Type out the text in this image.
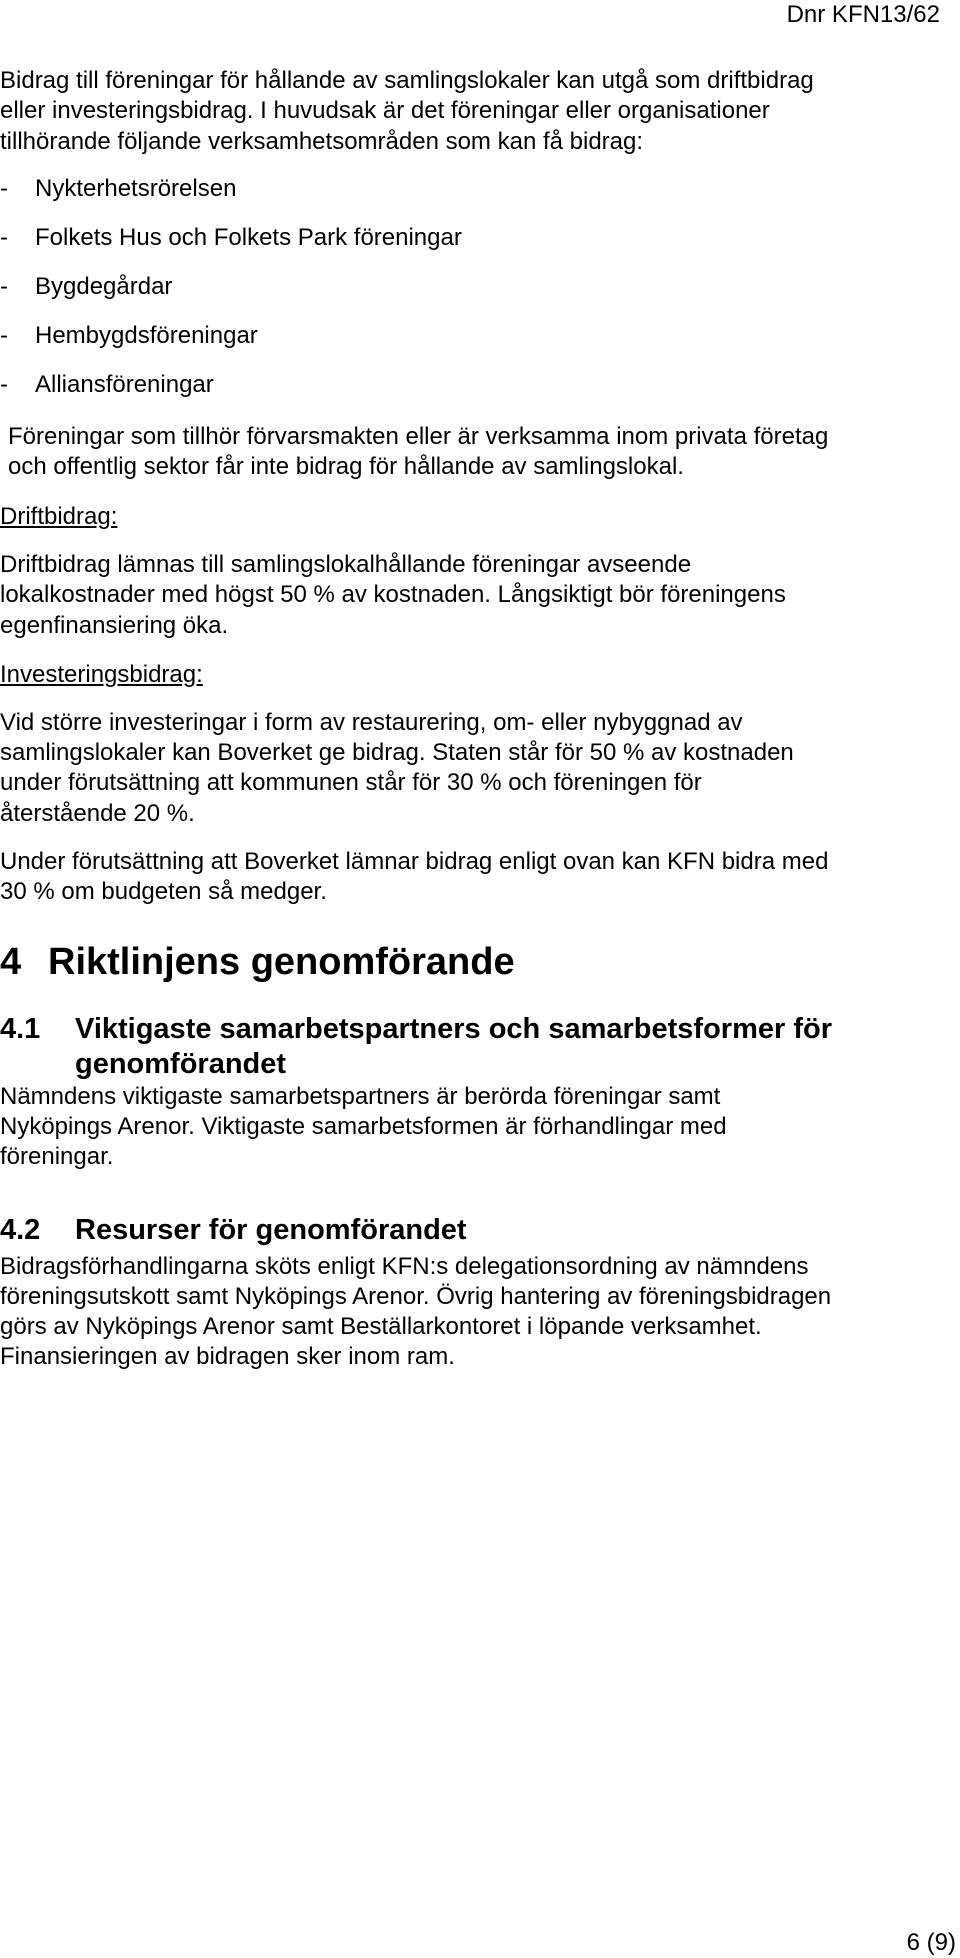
Dnr KFN13/62
Bidrag till föreningar för hållande av samlingslokaler kan utgå som driftbidrag
eller investeringsbidrag. I huvudsak är det föreningar eller organisationer
tillhörande följande verksamhetsområden som kan få bidrag:
- Nykterhetsrörelsen
- Folkets Hus och Folkets Park föreningar
- Bygdegårdar
- Hembygdsföreningar
- Alliansföreningar
Föreningar som tillhör förvarsmakten eller är verksamma inom privata företag
och offentlig sektor får inte bidrag för hållande av samlingslokal.
Driftbidrag:
Driftbidrag lämnas till samlingslokalhållande föreningar avseende
lokalkostnader med högst 50 % av kostnaden. Långsiktigt bör föreningens
egenfinansiering öka.
Investeringsbidrag:
Vid större investeringar i form av restaurering, om- eller nybyggnad av
samlingslokaler kan Boverket ge bidrag. Staten står för 50 % av kostnaden
under förutsättning att kommunen står för 30 % och föreningen för
återstående 20 %.
Under förutsättning att Boverket lämnar bidrag enligt ovan kan KFN bidra med
30 % om budgeten så medger.
4 Riktlinjens genomförande
4.1 Viktigaste samarbetspartners och samarbetsformer för
genomförandet
Nämndens viktigaste samarbetspartners är berörda föreningar samt
Nyköpings Arenor. Viktigaste samarbetsformen är förhandlingar med
föreningar.
4.2 Resurser för genomförandet
Bidragsförhandlingarna sköts enligt KFN:s delegationsordning av nämndens
föreningsutskott samt Nyköpings Arenor. Övrig hantering av föreningsbidragen
görs av Nyköpings Arenor samt Beställarkontoret i löpande verksamhet.
Finansieringen av bidragen sker inom ram.
6 (9)
